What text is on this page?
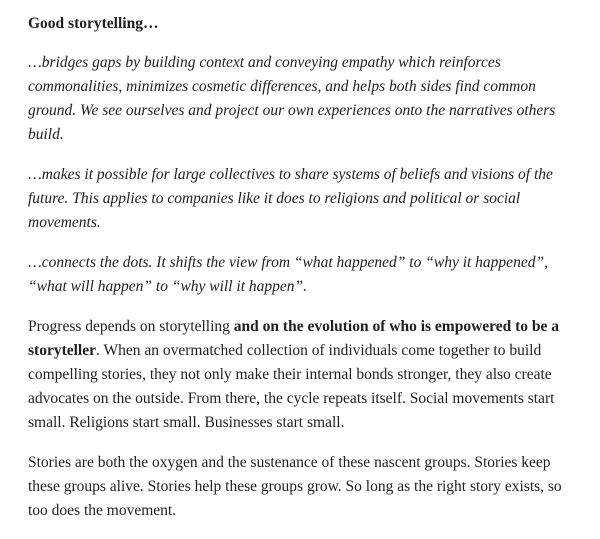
Good storytelling…

…bridges gaps by building context and conveying empathy which reinforces commonalities, minimizes cosmetic differences, and helps both sides find common ground. We see ourselves and project our own experiences onto the narratives others build.

…makes it possible for large collectives to share systems of beliefs and visions of the future. This applies to companies like it does to religions and political or social movements.

…connects the dots. It shifts the view from “what happened” to “why it happened”, “what will happen” to “why will it happen”.

Progress depends on storytelling and on the evolution of who is empowered to be a storyteller. When an overmatched collection of individuals come together to build compelling stories, they not only make their internal bonds stronger, they also create advocates on the outside. From there, the cycle repeats itself. Social movements start small. Religions start small. Businesses start small.

Stories are both the oxygen and the sustenance of these nascent groups. Stories keep these groups alive. Stories help these groups grow. So long as the right story exists, so too does the movement.
